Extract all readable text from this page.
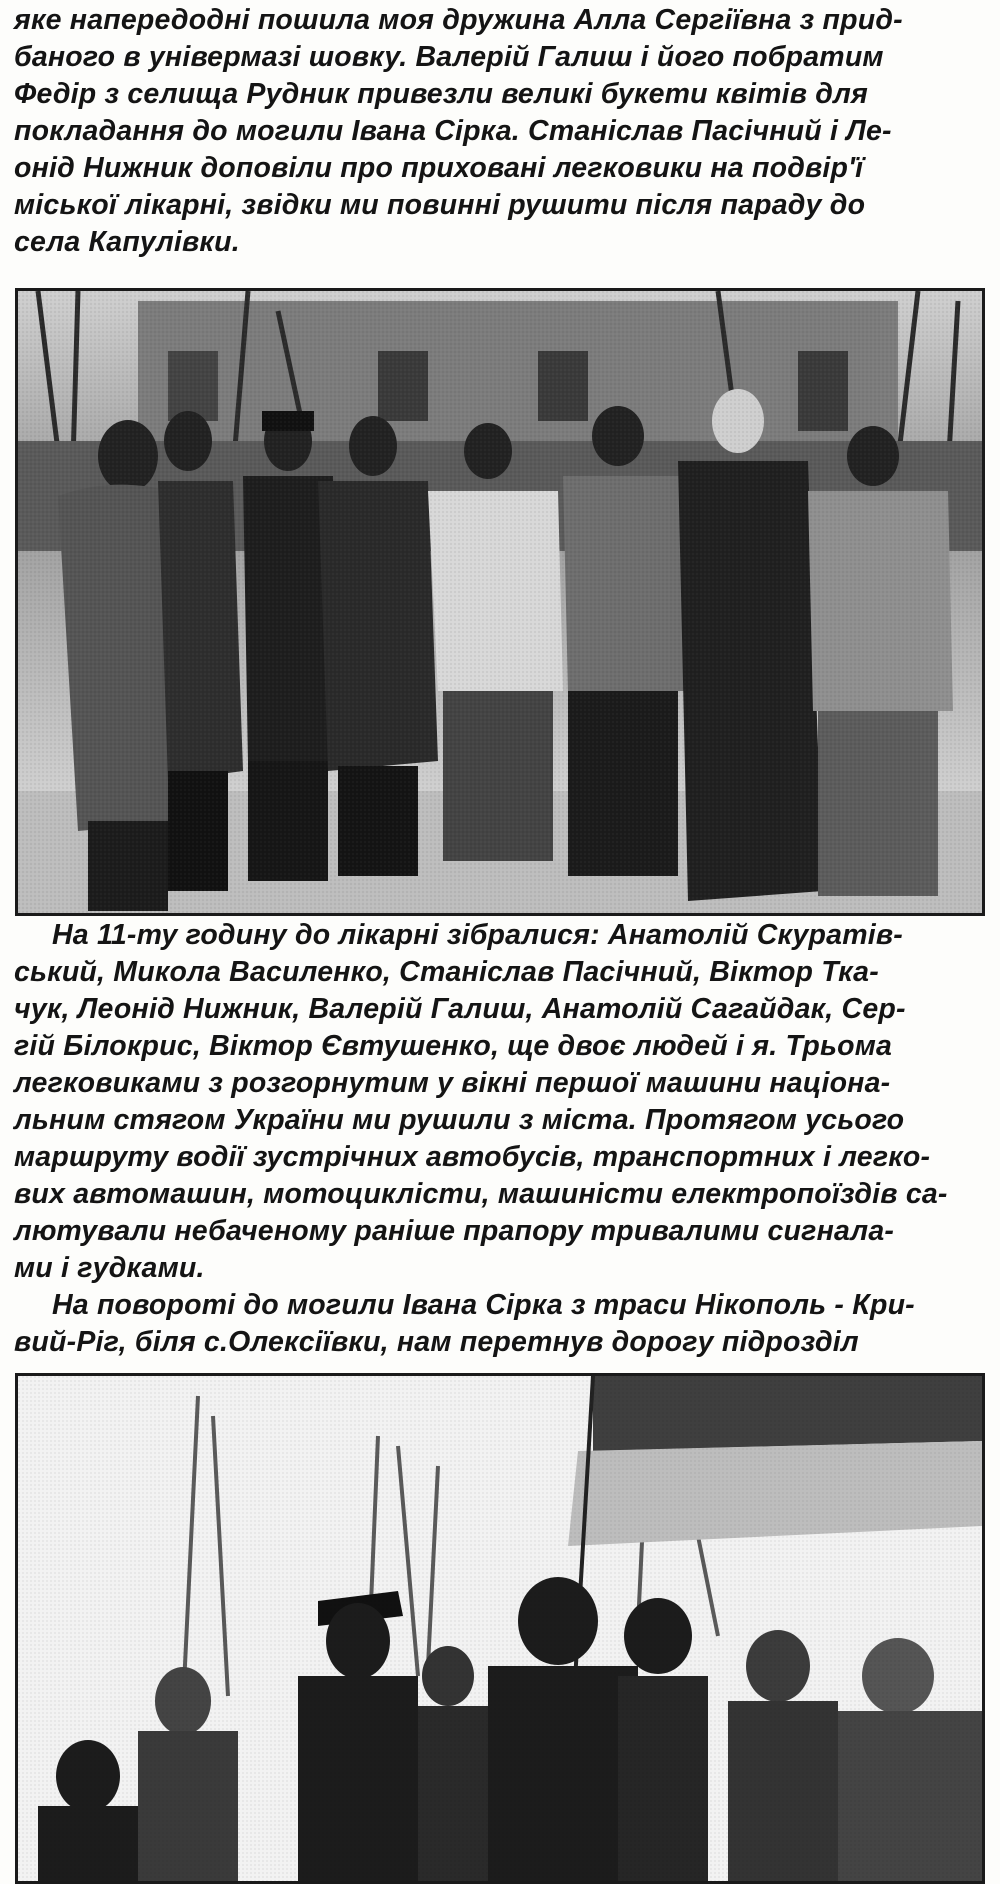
яке напередодні пошила моя дружина Алла Сергіївна з прид-
баного в універмазі шовку. Валерій Галиш і його побратим
Федір з селища Рудник привезли великі букети квітів для
покладання до могили Івана Сірка. Станіслав Пасічний і Ле-
онід Нижник доповіли про приховані легковики на подвір'ї
міської лікарні, звідки ми повинні рушити після параду до
села Капулівки.

На 11-ту годину до лікарні зібралися: Анатолій Скуратів-
ський, Микола Василенко, Станіслав Пасічний, Віктор Тка-
чук, Леонід Нижник, Валерій Галиш, Анатолій Сагайдак, Сер-
гій Білокрис, Віктор Євтушенко, ще двоє людей і я. Трьома
легковиками з розгорнутим у вікні першої машини націона-
льним стягом України ми рушили з міста. Протягом усього
маршруту водії зустрічних автобусів, транспортних і легко-
вих автомашин, мотоциклісти, машиністи електропоїздів са-
лютували небаченому раніше прапору тривалими сигнала-
ми і гудками.

На повороті до могили Івана Сірка з траси Нікополь - Кри-
вий-Ріг, біля с.Олексіївки, нам перетнув дорогу підрозділ
